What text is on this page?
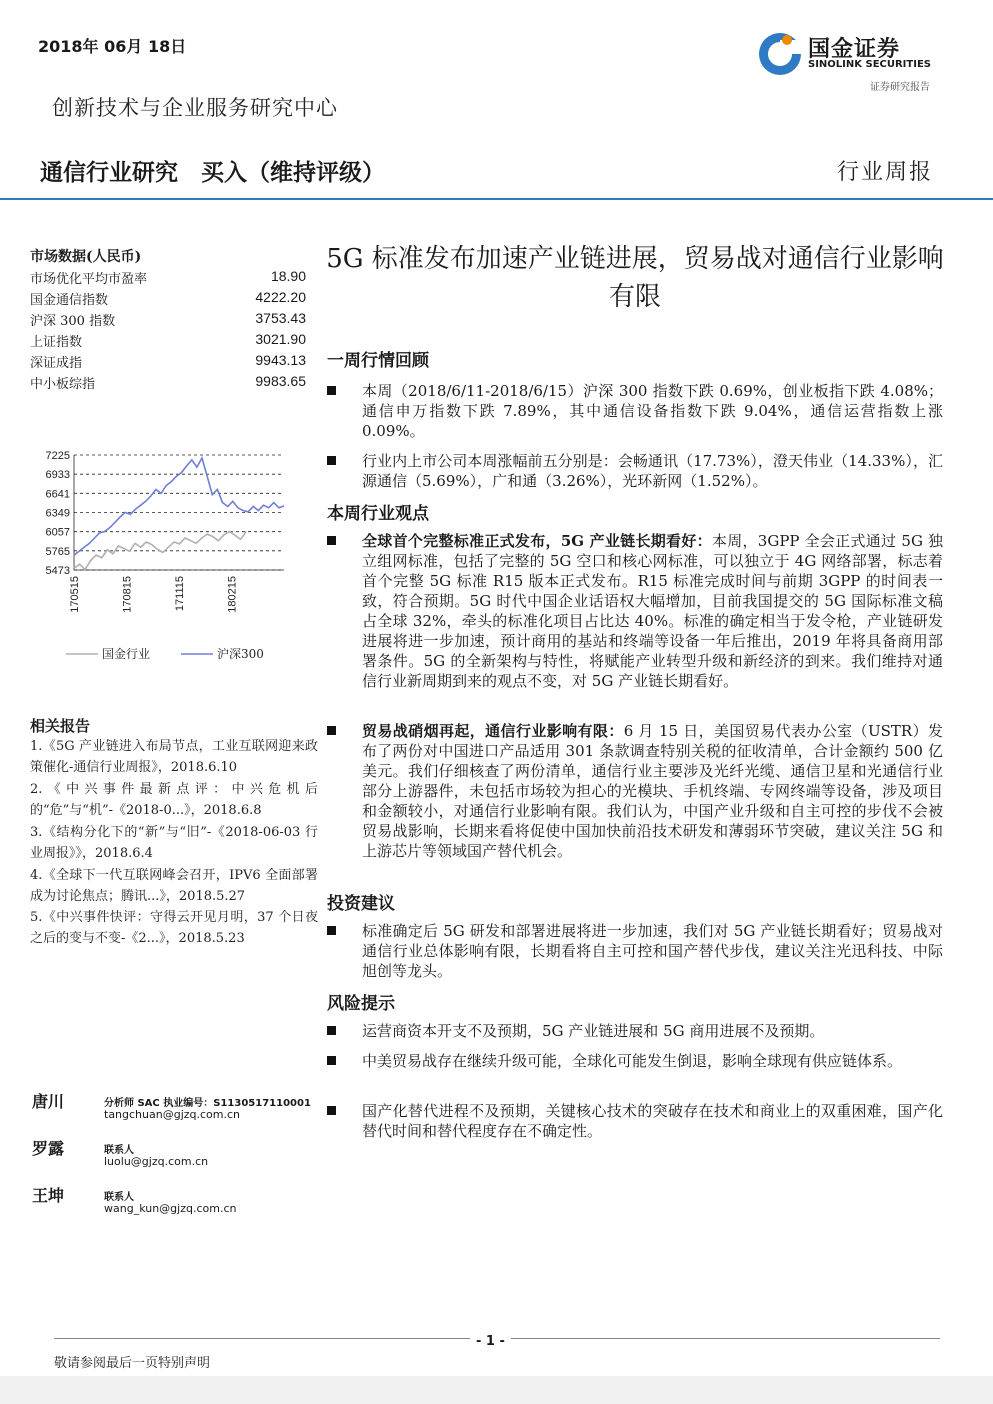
2018年 06月 18日	国金证券
SINOLINK SECURITIES
证券研究报告
创新技术与企业服务研究中心
通信行业研究　买入（维持评级）	行业周报
市场数据(人民币)
市场优化平均市盈率	18.90
国金通信指数	4222.20
沪深 300 指数	3753.43
上证指数	3021.90
深证成指	9943.13
中小板综指	9983.65
7225
6933
6641
6349
6057
5765
5473
170515	170815	171115	180215
国金行业	沪深300
相关报告
1.《5G 产业链进入布局节点，工业互联网迎来政策催化-通信行业周报》，2018.6.10
2.《中兴事件最新点评：中兴危机后的“危”与“机”-《2018-0...》，2018.6.8
3.《结构分化下的“新”与“旧”-《2018-06-03 行业周报》》，2018.6.4
4.《全球下一代互联网峰会召开，IPV6 全面部署成为讨论焦点；腾讯...》，2018.5.27
5.《中兴事件快评：守得云开见月明，37 个日夜之后的变与不变-《2...》，2018.5.23
唐川	分析师 SAC 执业编号：S1130517110001
tangchuan@gjzq.com.cn
罗露	联系人
luolu@gjzq.com.cn
王坤	联系人
wang_kun@gjzq.com.cn
5G 标准发布加速产业链进展，贸易战对通信行业影响有限
一周行情回顾
本周（2018/6/11-2018/6/15）沪深 300 指数下跌 0.69%，创业板指下跌 4.08%；通信申万指数下跌 7.89%，其中通信设备指数下跌 9.04%，通信运营指数上涨 0.09%。
行业内上市公司本周涨幅前五分别是：会畅通讯（17.73%），澄天伟业（14.33%），汇源通信（5.69%），广和通（3.26%），光环新网（1.52%）。
本周行业观点
全球首个完整标准正式发布，5G 产业链长期看好：本周，3GPP 全会正式通过 5G 独立组网标准，包括了完整的 5G 空口和核心网标准，可以独立于 4G 网络部署，标志着首个完整 5G 标准 R15 版本正式发布。R15 标准完成时间与前期 3GPP 的时间表一致，符合预期。5G 时代中国企业话语权大幅增加，目前我国提交的 5G 国际标准文稿占全球 32%，牵头的标准化项目占比达 40%。标准的确定相当于发令枪，产业链研发进展将进一步加速，预计商用的基站和终端等设备一年后推出，2019 年将具备商用部署条件。5G 的全新架构与特性，将赋能产业转型升级和新经济的到来。我们维持对通信行业新周期到来的观点不变，对 5G 产业链长期看好。
贸易战硝烟再起，通信行业影响有限：6 月 15 日，美国贸易代表办公室（USTR）发布了两份对中国进口产品适用 301 条款调查特别关税的征收清单，合计金额约 500 亿美元。我们仔细核查了两份清单，通信行业主要涉及光纤光缆、通信卫星和光通信行业部分上游器件，未包括市场较为担心的光模块、手机终端、专网终端等设备，涉及项目和金额较小，对通信行业影响有限。我们认为，中国产业升级和自主可控的步伐不会被贸易战影响，长期来看将促使中国加快前沿技术研发和薄弱环节突破，建议关注 5G 和上游芯片等领域国产替代机会。
投资建议
标准确定后 5G 研发和部署进展将进一步加速，我们对 5G 产业链长期看好；贸易战对通信行业总体影响有限，长期看将自主可控和国产替代步伐，建议关注光迅科技、中际旭创等龙头。
风险提示
运营商资本开支不及预期，5G 产业链进展和 5G 商用进展不及预期。
中美贸易战存在继续升级可能，全球化可能发生倒退，影响全球现有供应链体系。
国产化替代进程不及预期，关键核心技术的突破存在技术和商业上的双重困难，国产化替代时间和替代程度存在不确定性。
- 1 -
敬请参阅最后一页特别声明
